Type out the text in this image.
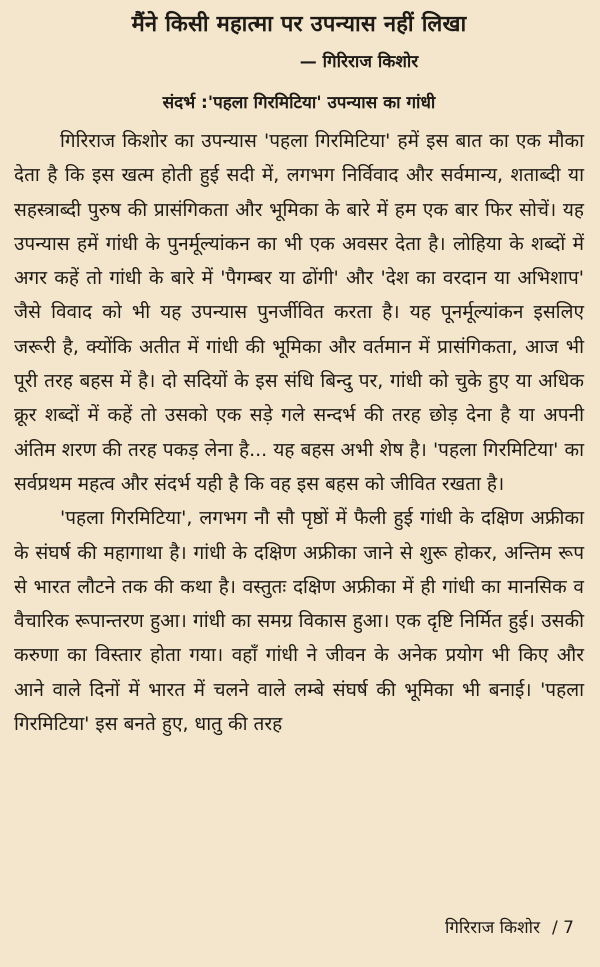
मैंने किसी महात्मा पर उपन्यास नहीं लिखा
— गिरिराज किशोर
संदर्भ :'पहला गिरमिटिया' उपन्यास का गांधी

गिरिराज किशोर का उपन्यास 'पहला गिरमिटिया' हमें इस बात का एक मौका देता है कि इस खत्म होती हुई सदी में, लगभग निर्विवाद और सर्वमान्य, शताब्दी या सहस्त्राब्दी पुरुष की प्रासंगिकता और भूमिका के बारे में हम एक बार फिर सोचें। यह उपन्यास हमें गांधी के पुनर्मूल्यांकन का भी एक अवसर देता है। लोहिया के शब्दों में अगर कहें तो गांधी के बारे में 'पैगम्बर या ढोंगी' और 'देश का वरदान या अभिशाप' जैसे विवाद को भी यह उपन्यास पुनर्जीवित करता है। यह पूनर्मूल्यांकन इसलिए जरूरी है, क्योंकि अतीत में गांधी की भूमिका और वर्तमान में प्रासंगिकता, आज भी पूरी तरह बहस में है। दो सदियों के इस संधि बिन्दु पर, गांधी को चुके हुए या अधिक क्रूर शब्दों में कहें तो उसको एक सड़े गले सन्दर्भ की तरह छोड़ देना है या अपनी अंतिम शरण की तरह पकड़ लेना है... यह बहस अभी शेष है। 'पहला गिरमिटिया' का सर्वप्रथम महत्व और संदर्भ यही है कि वह इस बहस को जीवित रखता है।

'पहला गिरमिटिया', लगभग नौ सौ पृष्ठों में फैली हुई गांधी के दक्षिण अफ्रीका के संघर्ष की महागाथा है। गांधी के दक्षिण अफ्रीका जाने से शुरू होकर, अन्तिम रूप से भारत लौटने तक की कथा है। वस्तुतः दक्षिण अफ्रीका में ही गांधी का मानसिक व वैचारिक रूपान्तरण हुआ। गांधी का समग्र विकास हुआ। एक दृष्टि निर्मित हुई। उसकी करुणा का विस्तार होता गया। वहाँ गांधी ने जीवन के अनेक प्रयोग भी किए और आने वाले दिनों में भारत में चलने वाले लम्बे संघर्ष की भूमिका भी बनाई। 'पहला गिरमिटिया' इस बनते हुए, धातु की तरह

गिरिराज किशोर / 7
